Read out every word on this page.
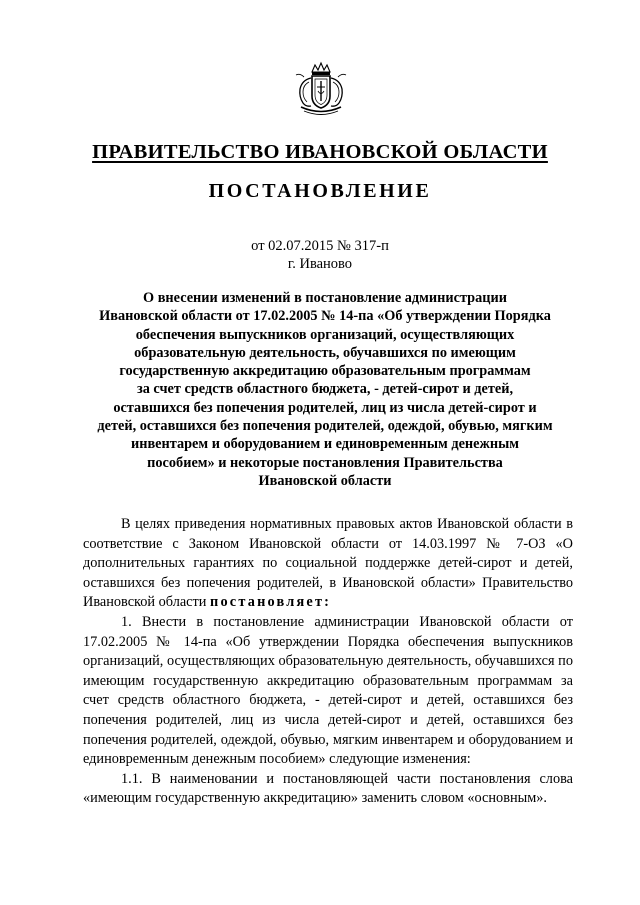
ПРАВИТЕЛЬСТВО ИВАНОВСКОЙ ОБЛАСТИ
ПОСТАНОВЛЕНИЕ
от 02.07.2015 № 317-п
г. Иваново
О внесении изменений в постановление администрации
Ивановской области от 17.02.2005 № 14-па «Об утверждении Порядка
обеспечения выпускников организаций, осуществляющих
образовательную деятельность, обучавшихся по имеющим
государственную аккредитацию образовательным программам
за счет средств областного бюджета, - детей-сирот и детей,
оставшихся без попечения родителей, лиц из числа детей-сирот и
детей, оставшихся без попечения родителей, одеждой, обувью, мягким
инвентарем и оборудованием и единовременным денежным
пособием» и некоторые постановления Правительства
Ивановской области

В целях приведения нормативных правовых актов Ивановской области в соответствие с Законом Ивановской области от 14.03.1997 № 7-ОЗ «О дополнительных гарантиях по социальной поддержке детей-сирот и детей, оставшихся без попечения родителей, в Ивановской области» Правительство Ивановской области постановляет:

1. Внести в постановление администрации Ивановской области от 17.02.2005 № 14-па «Об утверждении Порядка обеспечения выпускников организаций, осуществляющих образовательную деятельность, обучавшихся по имеющим государственную аккредитацию образовательным программам за счет средств областного бюджета, - детей-сирот и детей, оставшихся без попечения родителей, лиц из числа детей-сирот и детей, оставшихся без попечения родителей, одеждой, обувью, мягким инвентарем и оборудованием и единовременным денежным пособием» следующие изменения:

1.1. В наименовании и постановляющей части постановления слова «имеющим государственную аккредитацию» заменить словом «основным».
